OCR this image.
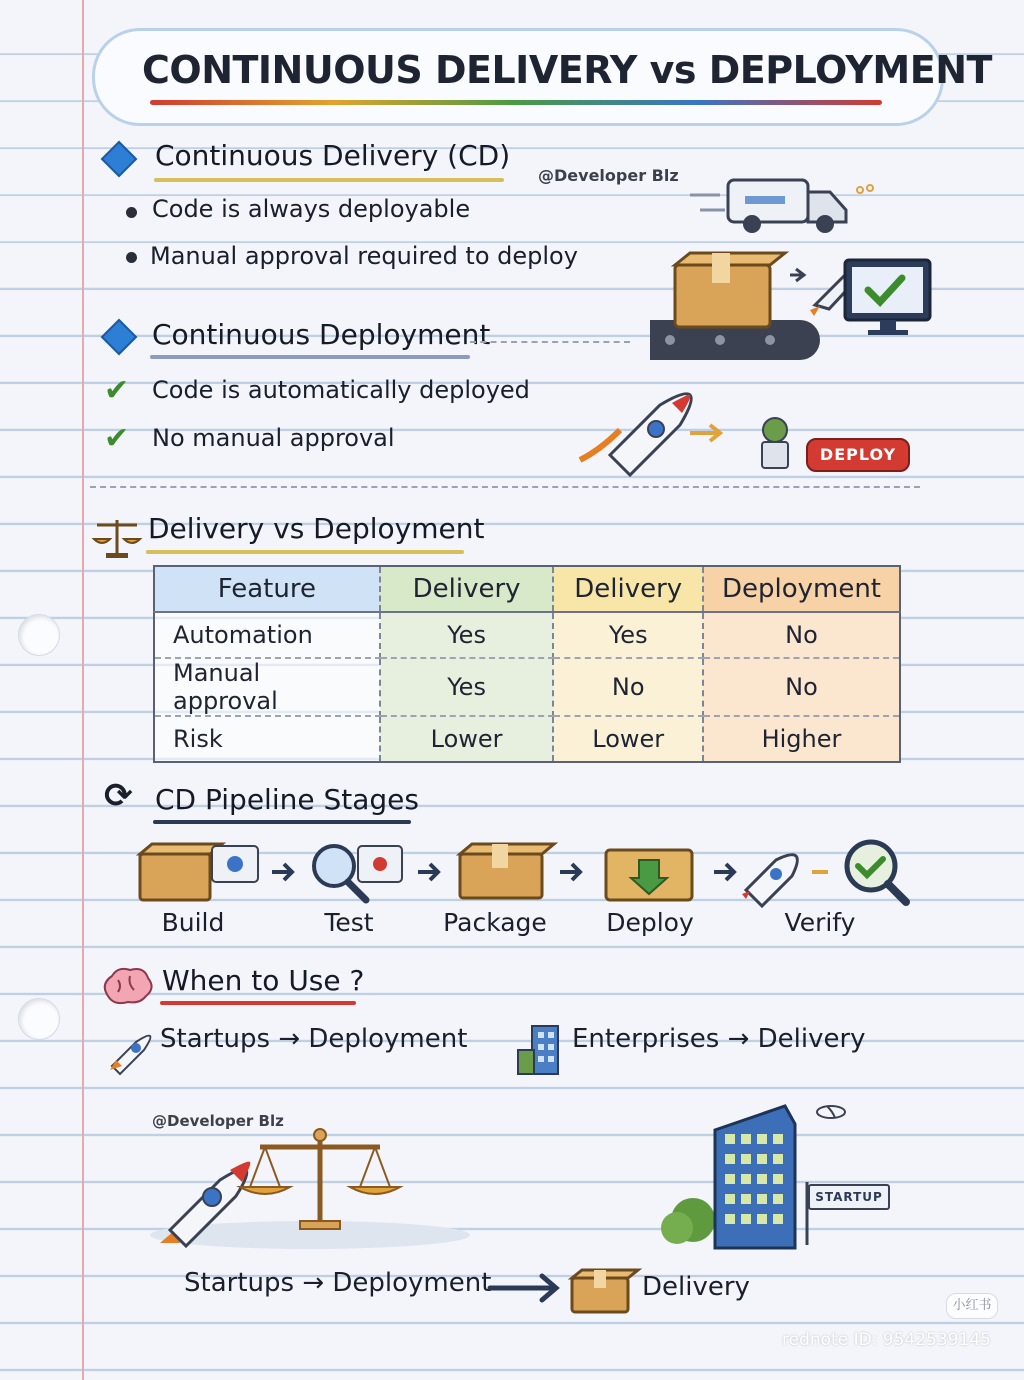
CONTINUOUS DELIVERY vs DEPLOYMENT
Continuous Delivery (CD)
@Developer Blz
Code is always deployable
Manual approval required to deploy
Continuous Deployment
✔ Code is automatically deployed
✔ No manual approval
DEPLOY
Delivery vs Deployment
Feature	Delivery	Delivery	Deployment
Automation	Yes	Yes	No
Manual approval	Yes	No	No
Risk	Lower	Lower	Higher
⟳ CD Pipeline Stages
Build	Test	Package Deploy	Verify
When to Use ?
Startups → Deployment	Enterprises → Delivery
@Developer Blz
STARTUP
Startups → Deployment	Delivery
小红书
rednote ID: 9542539145
